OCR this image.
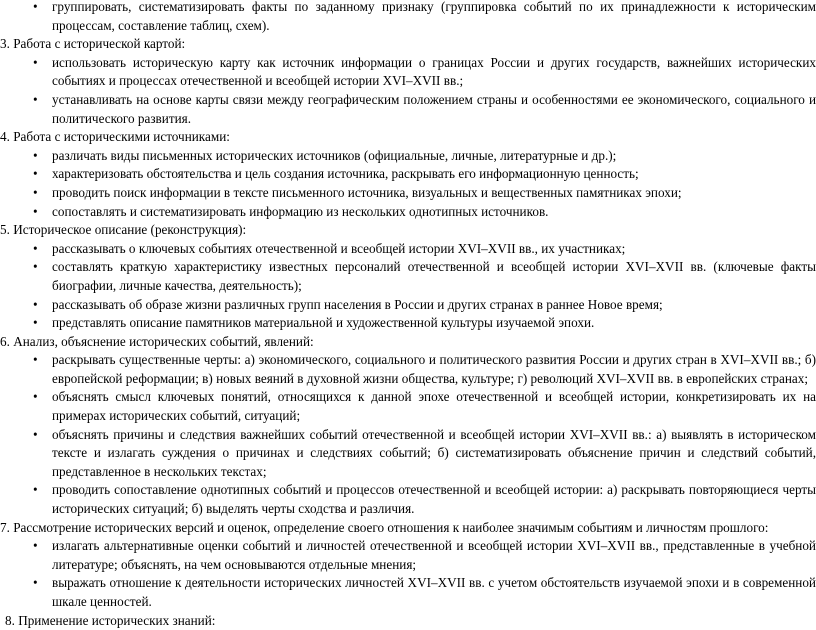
• группировать, систематизировать факты по заданному признаку (группировка событий по их принадлежности к историческим процессам, составление таблиц, схем).
3. Работа с исторической картой:
• использовать историческую карту как источник информации о границах России и других государств, важнейших исторических событиях и процессах отечественной и всеобщей истории XVI–XVII вв.;
• устанавливать на основе карты связи между географическим положением страны и особенностями ее экономического, социального и политического развития.
4. Работа с историческими источниками:
• различать виды письменных исторических источников (официальные, личные, литературные и др.);
• характеризовать обстоятельства и цель создания источника, раскрывать его информационную ценность;
• проводить поиск информации в тексте письменного источника, визуальных и вещественных памятниках эпохи;
• сопоставлять и систематизировать информацию из нескольких однотипных источников.
5. Историческое описание (реконструкция):
• рассказывать о ключевых событиях отечественной и всеобщей истории XVI–XVII вв., их участниках;
• составлять краткую характеристику известных персоналий отечественной и всеобщей истории XVI–XVII вв. (ключевые факты биографии, личные качества, деятельность);
• рассказывать об образе жизни различных групп населения в России и других странах в раннее Новое время;
• представлять описание памятников материальной и художественной культуры изучаемой эпохи.
6. Анализ, объяснение исторических событий, явлений:
• раскрывать существенные черты: а) экономического, социального и политического развития России и других стран в XVI–XVII вв.; б) европейской реформации; в) новых веяний в духовной жизни общества, культуре; г) революций XVI–XVII вв. в европейских странах;
• объяснять смысл ключевых понятий, относящихся к данной эпохе отечественной и всеобщей истории, конкретизировать их на примерах исторических событий, ситуаций;
• объяснять причины и следствия важнейших событий отечественной и всеобщей истории XVI–XVII вв.: а) выявлять в историческом тексте и излагать суждения о причинах и следствиях событий; б) систематизировать объяснение причин и следствий событий, представленное в нескольких текстах;
• проводить сопоставление однотипных событий и процессов отечественной и всеобщей истории: а) раскрывать повторяющиеся черты исторических ситуаций; б) выделять черты сходства и различия.
7. Рассмотрение исторических версий и оценок, определение своего отношения к наиболее значимым событиям и личностям прошлого:
• излагать альтернативные оценки событий и личностей отечественной и всеобщей истории XVI–XVII вв., представленные в учебной литературе; объяснять, на чем основываются отдельные мнения;
• выражать отношение к деятельности исторических личностей XVI–XVII вв. с учетом обстоятельств изучаемой эпохи и в современной шкале ценностей.
8. Применение исторических знаний:
